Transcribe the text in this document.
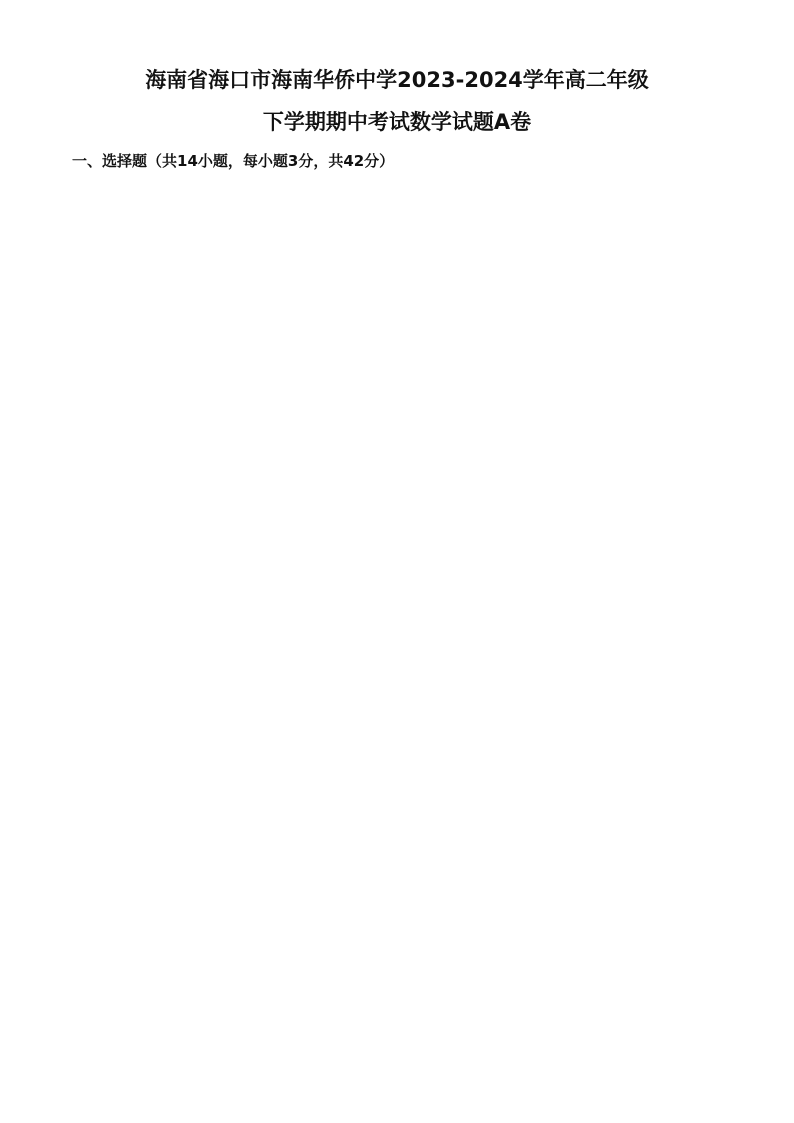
海南省海口市海南华侨中学2023-2024学年高二年级
下学期期中考试数学试题A卷
一、选择题（共14小题，每小题3分，共42分）
